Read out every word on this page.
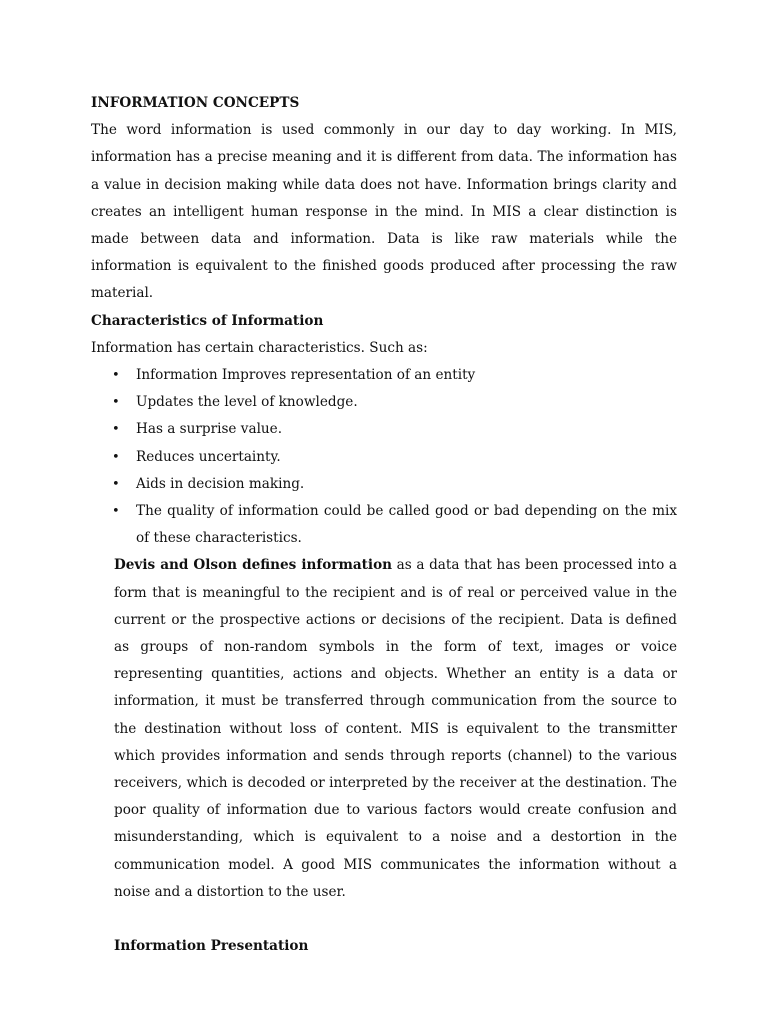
INFORMATION CONCEPTS

The word information is used commonly in our day to day working. In MIS, information has a precise meaning and it is different from data. The information has a value in decision making while data does not have. Information brings clarity and creates an intelligent human response in the mind. In MIS a clear distinction is made between data and information. Data is like raw materials while the information is equivalent to the finished goods produced after processing the raw material.

Characteristics of Information

Information has certain characteristics. Such as:

• Information Improves representation of an entity
• Updates the level of knowledge.
• Has a surprise value.
• Reduces uncertainty.
• Aids in decision making.
• The quality of information could be called good or bad depending on the mix of these characteristics.

Devis and Olson defines information as a data that has been processed into a form that is meaningful to the recipient and is of real or perceived value in the current or the prospective actions or decisions of the recipient. Data is defined as groups of non-random symbols in the form of text, images or voice representing quantities, actions and objects. Whether an entity is a data or information, it must be transferred through communication from the source to the destination without loss of content. MIS is equivalent to the transmitter which provides information and sends through reports (channel) to the various receivers, which is decoded or interpreted by the receiver at the destination. The poor quality of information due to various factors would create confusion and misunderstanding, which is equivalent to a noise and a destortion in the communication model. A good MIS communicates the information without a noise and a distortion to the user.

Information Presentation
